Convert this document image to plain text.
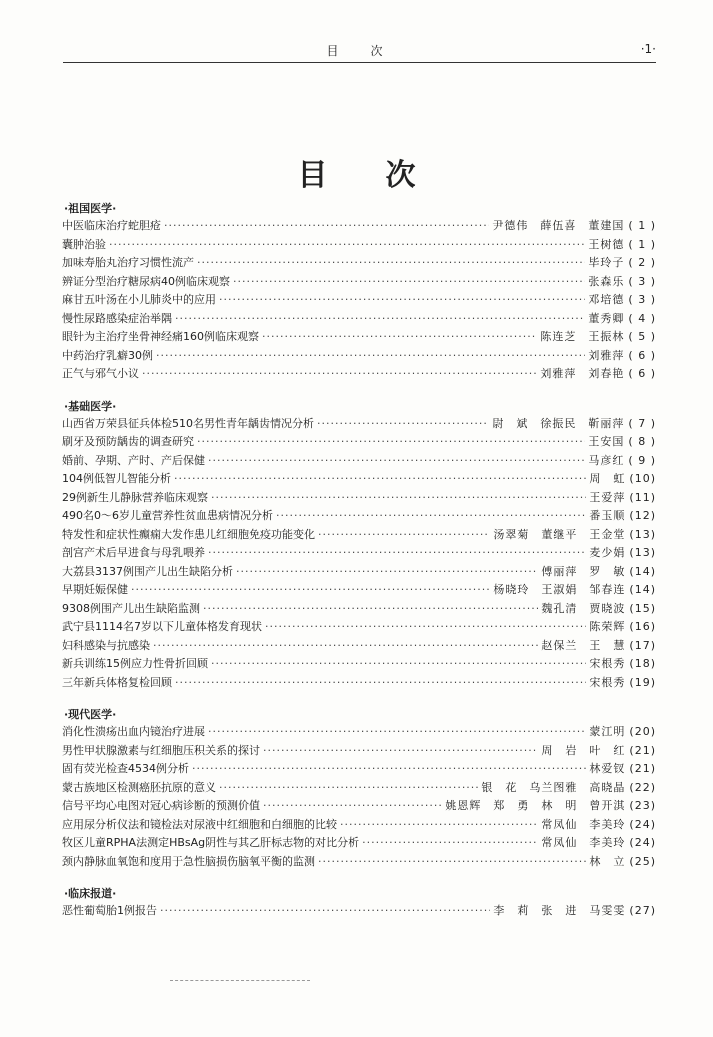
目　次	·1·
目次
·祖国医学·
中医临床治疗蛇胆疮 ·····	尹德伟　薛伍喜　董建国 ( 1 )
囊肿治验 ·····	王树德 ( 1 )
加味寿胎丸治疗习惯性流产 ·····	毕玲子 ( 2 )
辨证分型治疗糖尿病40例临床观察 ·····	张森乐 ( 3 )
麻甘五叶汤在小儿肺炎中的应用 ·····	邓培德 ( 3 )
慢性尿路感染症治举隅 ·····	董秀卿 ( 4 )
眼针为主治疗坐骨神经痛160例临床观察 ·····	陈连芝　王振林 ( 5 )
中药治疗乳癖30例 ·····	刘雅萍 ( 6 )
正气与邪气小议 ·····	刘雅萍　刘春艳 ( 6 )
·基础医学·
山西省万荣县征兵体检510名男性青年龋齿情况分析 ·····	尉　斌　徐振民　靳丽萍 ( 7 )
刷牙及预防龋齿的调查研究 ·····	王安国 ( 8 )
婚前、孕期、产时、产后保健 ·····	马彦红 ( 9 )
104例低智儿智能分析 ·····	周　虹 (10)
29例新生儿静脉营养临床观察 ·····	王爱萍 (11)
490名0～6岁儿童营养性贫血患病情况分析 ·····	番玉顺 (12)
特发性和症状性癫痫大发作患儿红细胞免疫功能变化 ·····	汤翠菊　董继平　王金堂 (13)
剖宫产术后早进食与母乳喂养 ·····	麦少娟 (13)
大荔县3137例围产儿出生缺陷分析 ·····	傅丽萍　罗　敏 (14)
早期妊娠保健 ·····	杨晓玲　王淑娟　邹春连 (14)
9308例围产儿出生缺陷监测 ·····	魏孔清　贾晓波 (15)
武宁县1114名7岁以下儿童体格发育现状 ·····	陈荣辉 (16)
妇科感染与抗感染 ·····	赵保兰　王　慧 (17)
新兵训练15例应力性骨折回顾 ·····	宋根秀 (18)
三年新兵体格复检回顾 ·····	宋根秀 (19)
·现代医学·
消化性溃疡出血内镜治疗进展 ·····	蒙江明 (20)
男性甲状腺激素与红细胞压积关系的探讨 ·····	周　岩　叶　红 (21)
固有荧光检查4534例分析 ·····	林爱钗 (21)
蒙古族地区检测癌胚抗原的意义 ·····	银　花　乌兰图雅　高晓晶 (22)
信号平均心电图对冠心病诊断的预测价值 ·····	姚恩辉　郑　勇　林　明　曾开淇 (23)
应用尿分析仪法和镜检法对尿液中红细胞和白细胞的比较 ·····	常凤仙　李美玲 (24)
牧区儿童RPHA法测定HBsAg阴性与其乙肝标志物的对比分析 ·····	常凤仙　李美玲 (24)
颈内静脉血氧饱和度用于急性脑损伤脑氧平衡的监测 ·····	林　立 (25)
·临床报道·
恶性葡萄胎1例报告 ·····	李　莉　张　进　马雯雯 (27)
